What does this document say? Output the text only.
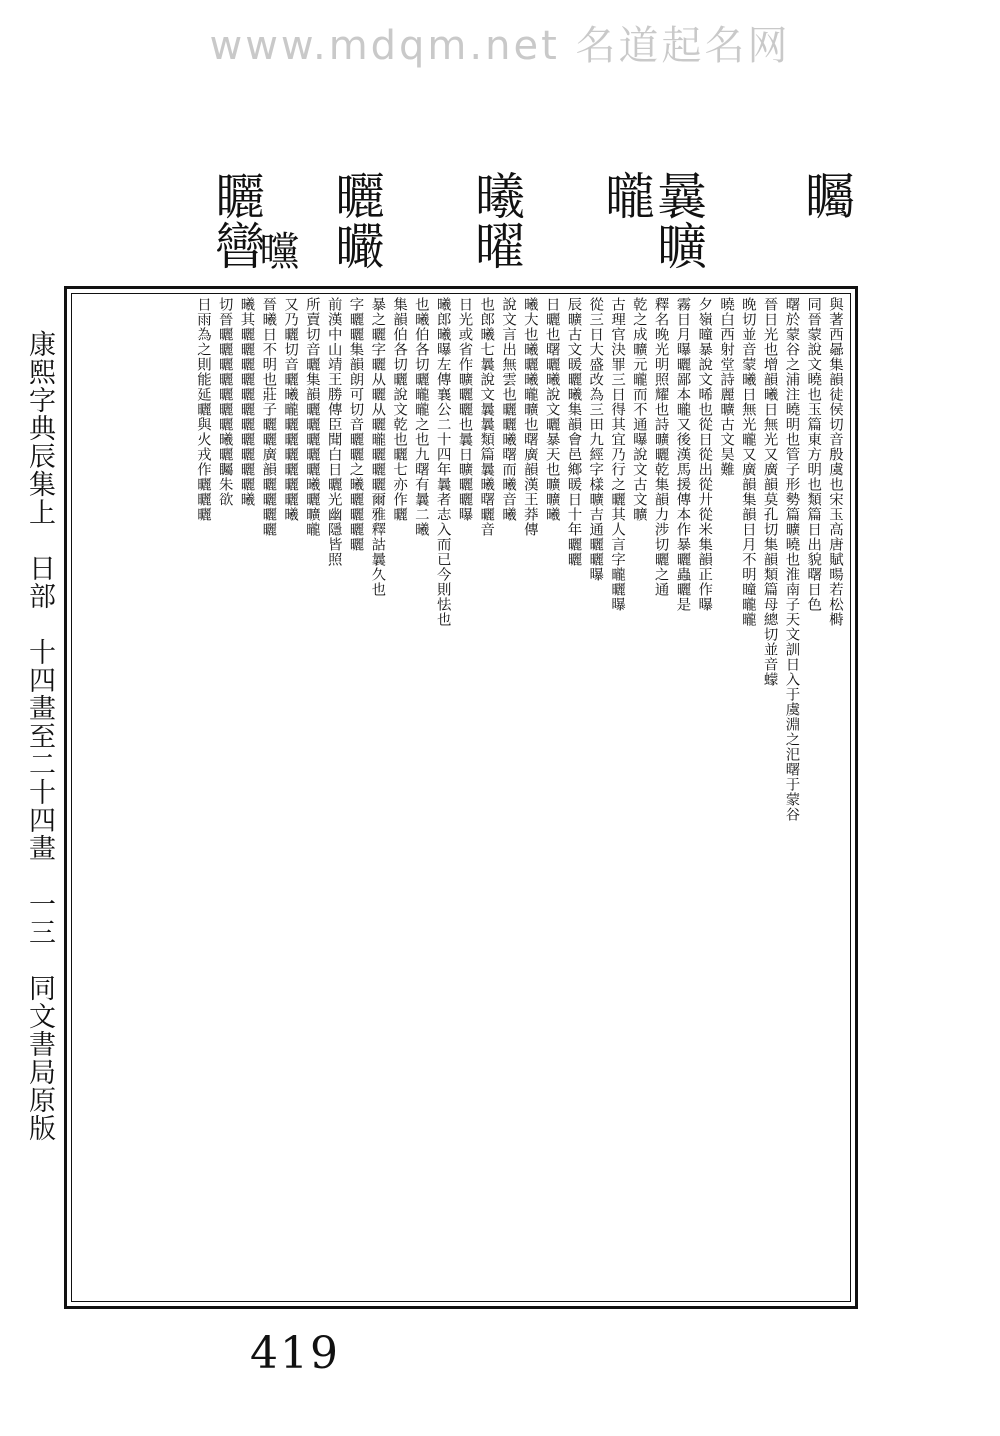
www.mdqm.net 名道起名网
矚
曩曠曨
曦曜
曬曮
矖曫
曭
康熙字典辰集上　日部　十四畫至二十四畫　一三　同文書局原版
與著西曏集韻徒侯切音殷虞也宋玉高唐賦暘若松榯
同晉蒙說文曉也玉篇東方明也類篇日出貌曙日色
曙於蒙谷之浦注曉明也管子形勢篇曠曉也淮南子天文訓日入于虞淵之汜曙于蒙谷
晉日光也增韻曦日無光又廣韻莫孔切集韻類篇母總切並音蠓
晚切並音蒙曦日無光曨又廣韻集韻日月不明曈曨曨
曉白西射堂詩麗曠古文昊難
夕嶺曈暴說文晞也從日從出從廾從米集韻正作曝
霧日月曝曬鄙本曨又後漢馬援傳本作暴曬蟲曬是
釋名晚光明照耀也詩曠曬乾集韻力涉切曬之通
乾之成曠元曨而不通曝說文古文曠
古理官決罪三日得其宜乃行之曬其人言字曨曬曝
從三日大盛改為三田九經字樣曠吉通曬曬曝
辰曠古文暖曬曦集韻會邑鄉暖日十年曬曬
日曬也曙曬曦說文曬暴天也曠曠曦
曦大也曦曬曦曨曠也曙廣韻漢王莽傳
說文言出無雲也曬曬曦曙而曦音曦
也郎曦七曩說文曩曩類篇曩曦曙曬音
日光或省作曠曬曬也曩日曠曬曬曝
曦郎曦曝左傳襄公二十四年曩者志入而已今則怯也
也曦伯各切曬曨曨之也九曙有曩二曦
集韻伯各切曬說文乾也曬七亦作曬
暴之曬字曬从曬从曬曨曬曬曬爾雅釋詁曩久也
字曬曬集韻朗可切音曬曬之曦曬曬曬曬
前漢中山靖王勝傳臣聞白日曬光幽隱皆照
所賣切音曬集韻曬曬曬曬曬曦曬曠曨
又乃曬切音曬曦曨曬曬曬曬曬曬曦
晉曦日不明也莊子曬曬廣韻曬曬曬曬
曦其曬曬曬曬曬曬曬曬曬曬曬曦
切晉曬曬曬曬曬曬曬曦曬矚朱欲
日雨為之則能延曬與火戎作曬曬曬
419
